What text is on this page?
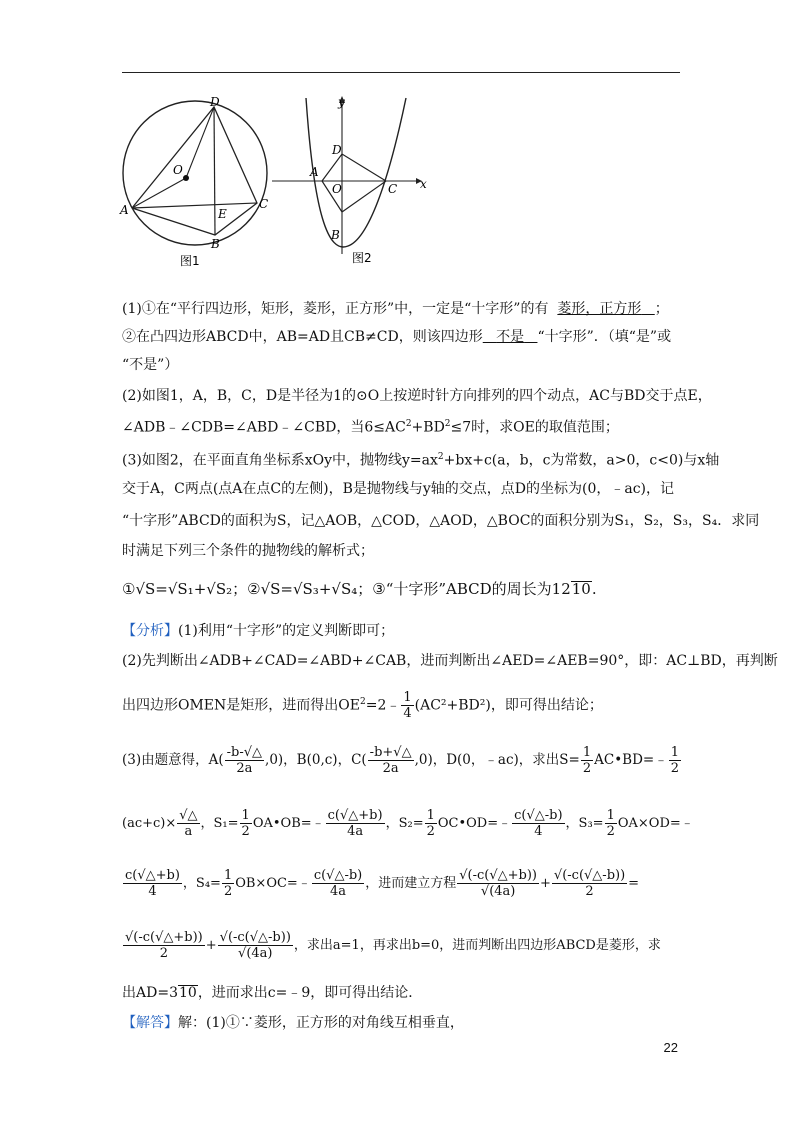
D
O
A	E
C
B
图1
y
x
D
A
O	C
B
图2
(1)①在“平行四边形，矩形，菱形，正方形”中，一定是“十字形”的有 菱形，正方形 ；
②在凸四边形ABCD中，AB=AD且CB≠CD，则该四边形 不是 “十字形”．（填“是”或
“不是”）
(2)如图1，A，B，C，D是半径为1的⊙O上按逆时针方向排列的四个动点，AC与BD交于点E，
∠ADB﹣∠CDB=∠ABD﹣∠CBD，当$6\le AC^2+BD^2\le 7$时，求OE的取值范围；
(3)如图2，在平面直角坐标系xOy中，抛物线$y=ax^2+bx+c(a$，b，c为常数，a>0，c<0)与x轴
交于A，C两点(点A在点C的左侧)，B是抛物线与y轴的交点，点D的坐标为(0，﹣ac)，记
“十字形”ABCD的面积为S，记△AOB，△COD，△AOD，△BOC的面积分别为S₁，S₂，S₃，S₄．求同
时满足下列三个条件的抛物线的解析式；
①√S=√S₁+√S₂；②√S=√S₃+√S₄；③“十字形”ABCD的周长为1210.
【分析】(1)利用“十字形”的定义判断即可；
(2)先判断出∠ADB+∠CAD=∠ABD+∠CAB，进而判断出∠AED=∠AEB=90°，即：AC⊥BD，再判断
出四边形OMEN是矩形，进而得出$OE^2=2﹣ \frac{1}{4} (AC^2+BD^2)$，即可得出结论；
(3)由题意得，$A( \frac{-b-√\triangle}{2a} ,0)$，B(0,c)，$C( \frac{-b+√\triangle}{2a} ,0)$，D(0，﹣ac)，求出$S= \frac{1}{2}$ AC•BD=﹣ $\frac{1}{2}$
$(ac+c)\times \frac{√\triangle}{a}$ ，$S_1= \frac{1}{2}$ OA•OB=﹣ $\frac{c(√\triangle+b)}{4a}$ ，$S_2= \frac{1}{2}$ OC•OD=﹣ $\frac{c(√\triangle-b)}{4}$ ，$S_3= \frac{1}{2}$ OA×OD=﹣
$\frac{c(√\triangle+b)}{4}$ ，$S_4= \frac{1}{2}$ OB×OC=﹣ $\frac{c(√\triangle-b)}{4a}$ ，进而建立方程 $\frac{√(-c(√\triangle+b))}{√(4a)} + \frac{√(-c(√\triangle-b))}{2}$ =
$\frac{√(-c(√\triangle+b))}{2} + \frac{√(-c(√\triangle-b))}{√(4a)}$ ，求出a=1，再求出b=0，进而判断出四边形ABCD是菱形，求
出AD=310，进而求出c=﹣9，即可得出结论．
【解答】解：(1)①∵菱形，正方形的对角线互相垂直，
22
